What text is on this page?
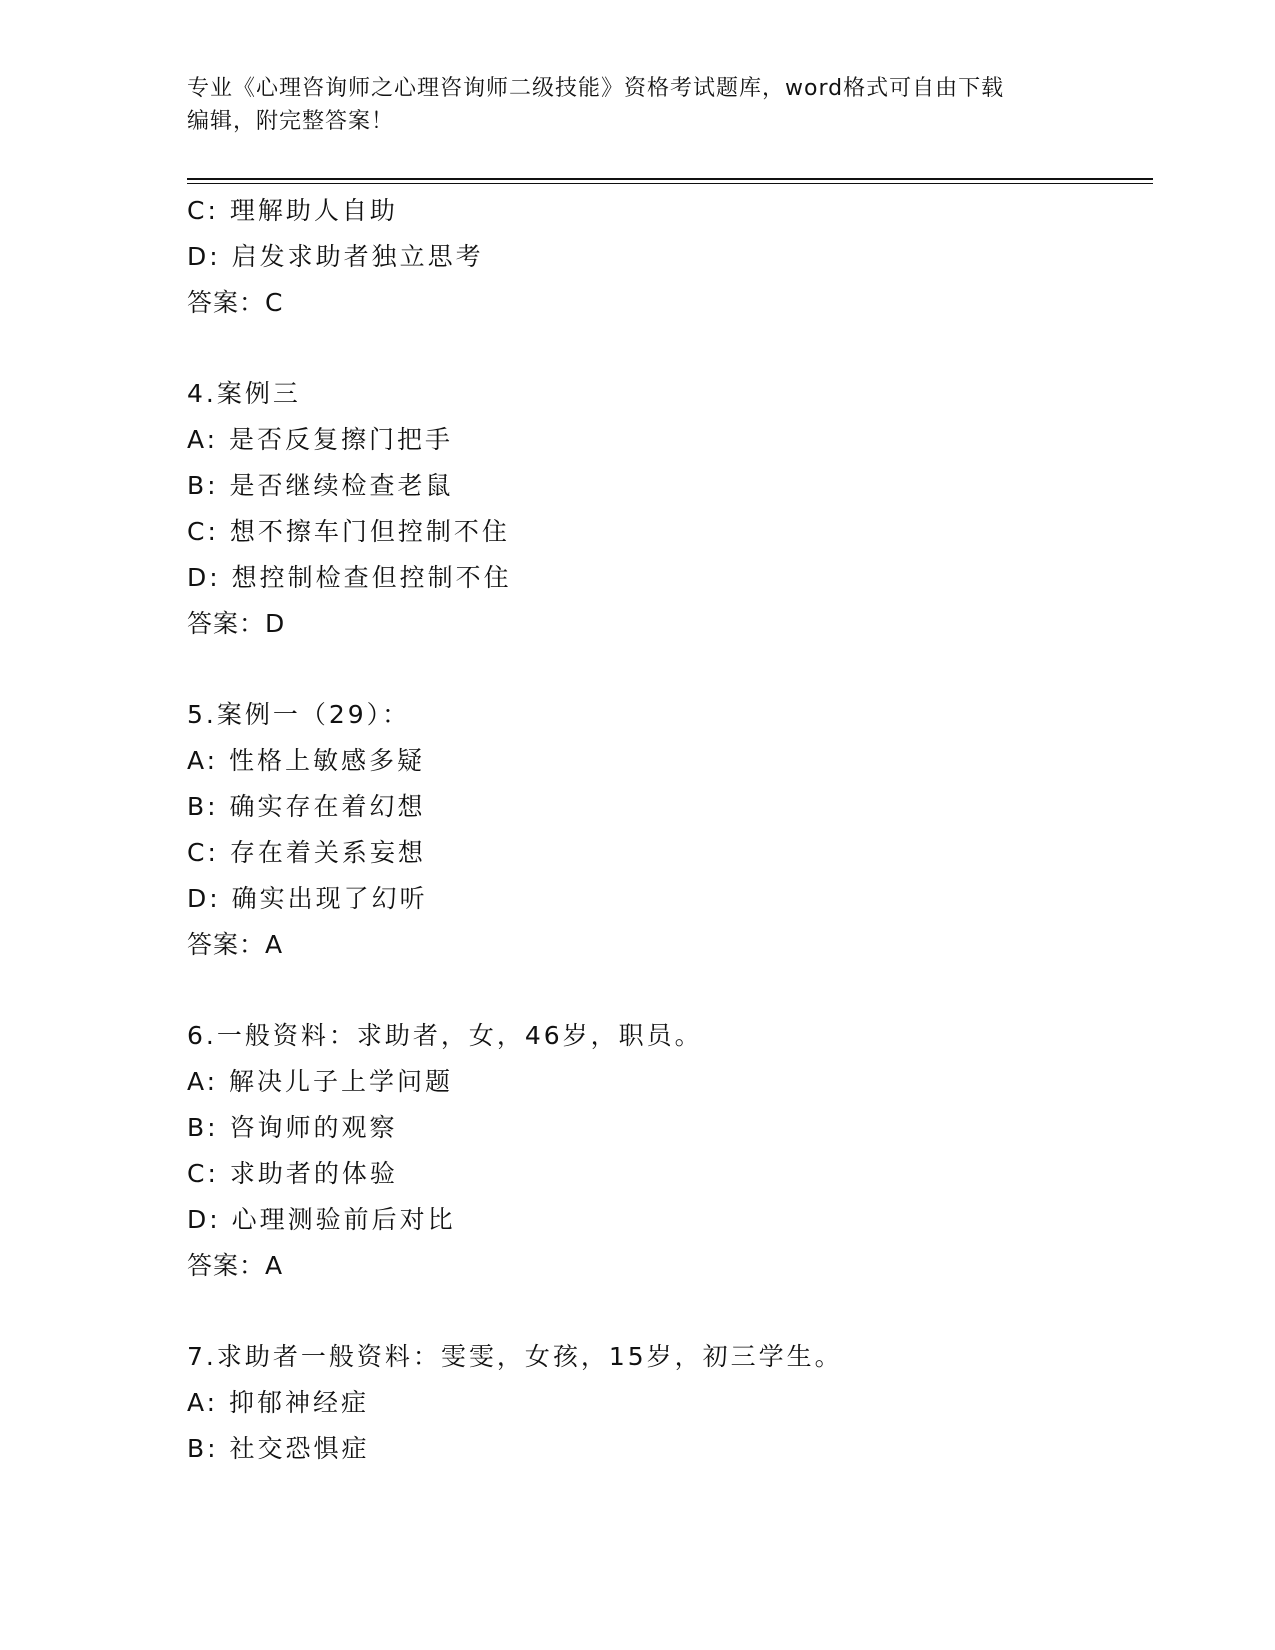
专业《心理咨询师之心理咨询师二级技能》资格考试题库，word格式可自由下载
编辑，附完整答案！
C: 理解助人自助
D: 启发求助者独立思考
答案：C
4.案例三
A: 是否反复擦门把手
B: 是否继续检查老鼠
C: 想不擦车门但控制不住
D: 想控制检查但控制不住
答案：D
5.案例一（29）：
A: 性格上敏感多疑
B: 确实存在着幻想
C: 存在着关系妄想
D: 确实出现了幻听
答案：A
6.一般资料：求助者，女，46岁，职员。
A: 解决儿子上学问题
B: 咨询师的观察
C: 求助者的体验
D: 心理测验前后对比
答案：A
7.求助者一般资料：雯雯，女孩，15岁，初三学生。
A: 抑郁神经症
B: 社交恐惧症
